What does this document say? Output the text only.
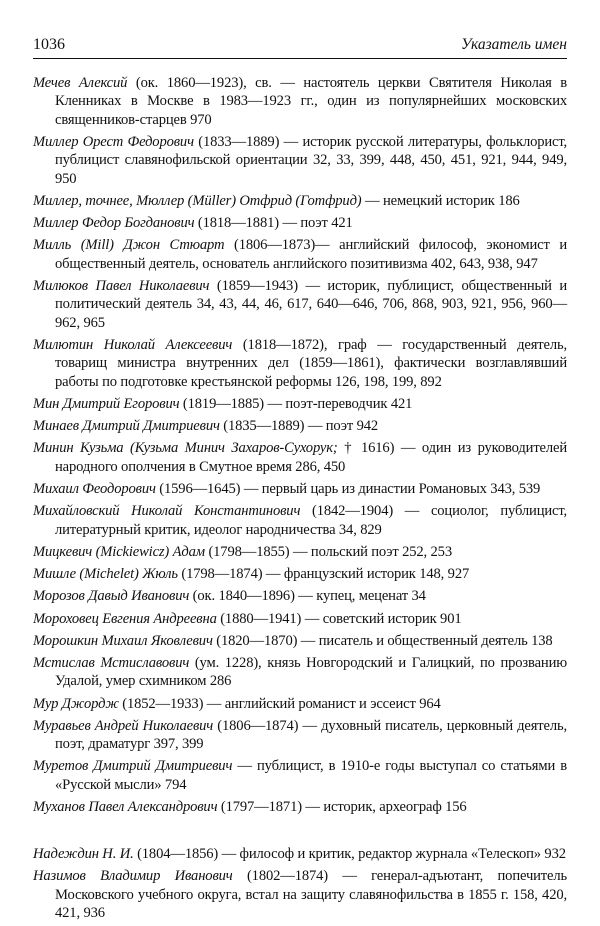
1036	Указатель имен

Мечев Алексий (ок. 1860—1923), св. — настоятель церкви Святителя Николая в Кленниках в Москве в 1983—1923 гг., один из популярнейших московских священников-старцев 970

Миллер Орест Федорович (1833—1889) — историк русской литературы, фольклорист, публицист славянофильской ориентации 32, 33, 399, 448, 450, 451, 921, 944, 949, 950

Миллер, точнее, Мюллер (Müller) Отфрид (Готфрид) — немецкий историк 186

Миллер Федор Богданович (1818—1881) — поэт 421

Милль (Mill) Джон Стюарт (1806—1873)— английский философ, экономист и общественный деятель, основатель английского позитивизма 402, 643, 938, 947

Милюков Павел Николаевич (1859—1943) — историк, публицист, общественный и политический деятель 34, 43, 44, 46, 617, 640—646, 706, 868, 903, 921, 956, 960—962, 965

Милютин Николай Алексеевич (1818—1872), граф — государственный деятель, товарищ министра внутренних дел (1859—1861), фактически возглавлявший работы по подготовке крестьянской реформы 126, 198, 199, 892

Мин Дмитрий Егорович (1819—1885) — поэт-переводчик 421

Минаев Дмитрий Дмитриевич (1835—1889) — поэт 942

Минин Кузьма (Кузьма Минич Захаров-Сухорук; † 1616) — один из руководителей народного ополчения в Смутное время 286, 450

Михаил Феодорович (1596—1645) — первый царь из династии Романовых 343, 539

Михайловский Николай Константинович (1842—1904) — социолог, публицист, литературный критик, идеолог народничества 34, 829

Мицкевич (Mickiewicz) Адам (1798—1855) — польский поэт 252, 253

Мишле (Michelet) Жюль (1798—1874) — французский историк 148, 927

Морозов Давыд Иванович (ок. 1840—1896) — купец, меценат 34

Мороховец Евгения Андреевна (1880—1941) — советский историк 901

Морошкин Михаил Яковлевич (1820—1870) — писатель и общественный деятель 138

Мстислав Мстиславович (ум. 1228), князь Новгородский и Галицкий, по прозванию Удалой, умер схимником 286

Мур Джордж (1852—1933) — английский романист и эссеист 964

Муравьев Андрей Николаевич (1806—1874) — духовный писатель, церковный деятель, поэт, драматург 397, 399

Муретов Дмитрий Дмитриевич — публицист, в 1910-е годы выступал со статьями в «Русской мысли» 794

Муханов Павел Александрович (1797—1871) — историк, археограф 156

Надеждин Н. И. (1804—1856) — философ и критик, редактор журнала «Телескоп» 932

Назимов Владимир Иванович (1802—1874) — генерал-адъютант, попечитель Московского учебного округа, встал на защиту славянофильства в 1855 г. 158, 420, 421, 936
